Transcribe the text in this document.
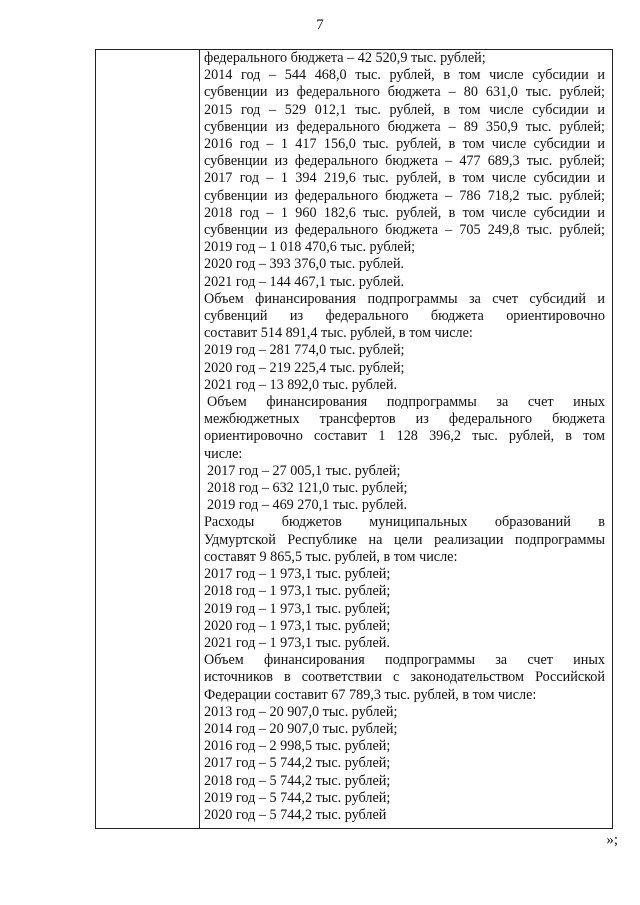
7
федерального бюджета – 42 520,9 тыс. рублей;
2014 год – 544 468,0 тыс. рублей, в том числе субсидии и
субвенции из федерального бюджета – 80 631,0 тыс. рублей;
2015 год – 529 012,1 тыс. рублей, в том числе субсидии и
субвенции из федерального бюджета – 89 350,9 тыс. рублей;
2016 год – 1 417 156,0 тыс. рублей, в том числе субсидии и
субвенции из федерального бюджета – 477 689,3 тыс. рублей;
2017 год – 1 394 219,6 тыс. рублей, в том числе субсидии и
субвенции из федерального бюджета – 786 718,2 тыс. рублей;
2018 год – 1 960 182,6 тыс. рублей, в том числе субсидии и
субвенции из федерального бюджета – 705 249,8 тыс. рублей;
2019 год – 1 018 470,6 тыс. рублей;
2020 год – 393 376,0 тыс. рублей.
2021 год – 144 467,1 тыс. рублей.
Объем финансирования подпрограммы за счет субсидий и
субвенций из федерального бюджета ориентировочно
составит 514 891,4 тыс. рублей, в том числе:
2019 год – 281 774,0 тыс. рублей;
2020 год – 219 225,4 тыс. рублей;
2021 год – 13 892,0 тыс. рублей.
Объем финансирования подпрограммы за счет иных
межбюджетных трансфертов из федерального бюджета
ориентировочно составит 1 128 396,2 тыс. рублей, в том
числе:
2017 год – 27 005,1 тыс. рублей;
2018 год – 632 121,0 тыс. рублей;
2019 год – 469 270,1 тыс. рублей.
Расходы бюджетов муниципальных образований в
Удмуртской Республике на цели реализации подпрограммы
составят 9 865,5 тыс. рублей, в том числе:
2017 год – 1 973,1 тыс. рублей;
2018 год – 1 973,1 тыс. рублей;
2019 год – 1 973,1 тыс. рублей;
2020 год – 1 973,1 тыс. рублей;
2021 год – 1 973,1 тыс. рублей.
Объем финансирования подпрограммы за счет иных
источников в соответствии с законодательством Российской
Федерации составит 67 789,3 тыс. рублей, в том числе:
2013 год – 20 907,0 тыс. рублей;
2014 год – 20 907,0 тыс. рублей;
2016 год – 2 998,5 тыс. рублей;
2017 год – 5 744,2 тыс. рублей;
2018 год – 5 744,2 тыс. рублей;
2019 год – 5 744,2 тыс. рублей;
2020 год – 5 744,2 тыс. рублей
»;
